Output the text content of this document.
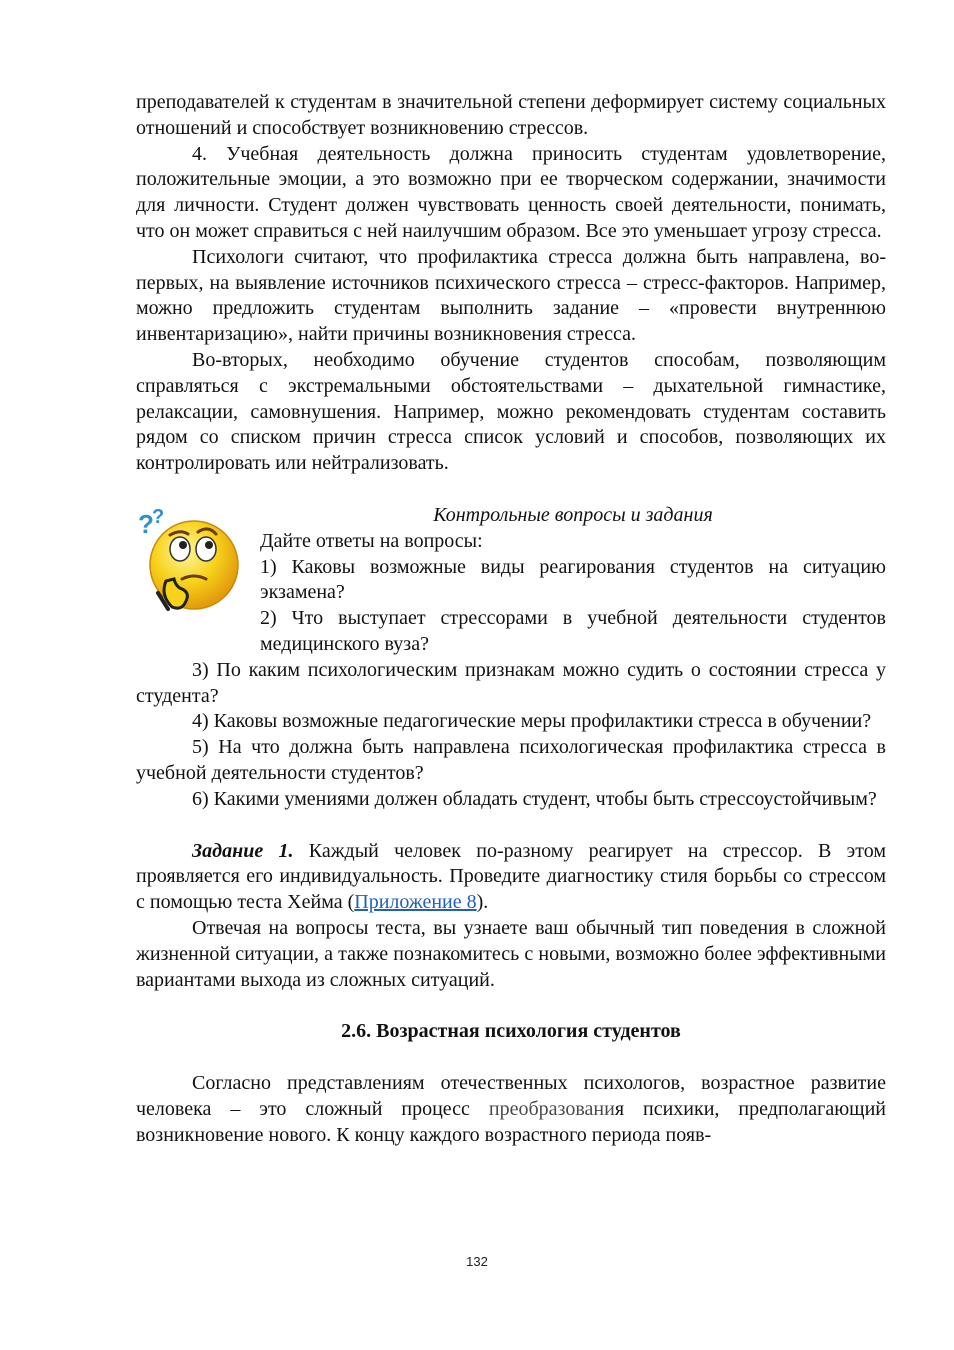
преподавателей к студентам в значительной степени деформирует систему социальных отношений и способствует возникновению стрессов.

4. Учебная деятельность должна приносить студентам удовлетворение, положительные эмоции, а это возможно при ее творческом содержании, значимости для личности. Студент должен чувствовать ценность своей деятельности, понимать, что он может справиться с ней наилучшим образом. Все это уменьшает угрозу стресса.

Психологи считают, что профилактика стресса должна быть направлена, во-первых, на выявление источников психического стресса – стресс-факторов. Например, можно предложить студентам выполнить задание – «провести внутреннюю инвентаризацию», найти причины возникновения стресса.

Во-вторых, необходимо обучение студентов способам, позволяющим справляться с экстремальными обстоятельствами – дыхательной гимнастике, релаксации, самовнушения. Например, можно рекомендовать студентам составить рядом со списком причин стресса список условий и способов, позволяющих их контролировать или нейтрализовать.

?
?	Контрольные вопросы и задания

Дайте ответы на вопросы:

1) Каковы возможные виды реагирования студентов на ситуацию экзамена?

2) Что выступает стрессорами в учебной деятельности студентов медицинского вуза?

3) По каким психологическим признакам можно судить о состоянии стресса у студента?

4) Каковы возможные педагогические меры профилактики стресса в обучении?

5) На что должна быть направлена психологическая профилактика стресса в учебной деятельности студентов?

6) Какими умениями должен обладать студент, чтобы быть стрессоустойчивым?

Задание 1. Каждый человек по-разному реагирует на стрессор. В этом проявляется его индивидуальность. Проведите диагностику стиля борьбы со стрессом с помощью теста Хейма (Приложение 8).

Отвечая на вопросы теста, вы узнаете ваш обычный тип поведения в сложной жизненной ситуации, а также познакомитесь с новыми, возможно более эффективными вариантами выхода из сложных ситуаций.

2.6. Возрастная психология студентов

Согласно представлениям отечественных психологов, возрастное развитие человека – это сложный процесс преобразования психики, предполагающий возникновение нового. К концу каждого возрастного периода появ-

132
